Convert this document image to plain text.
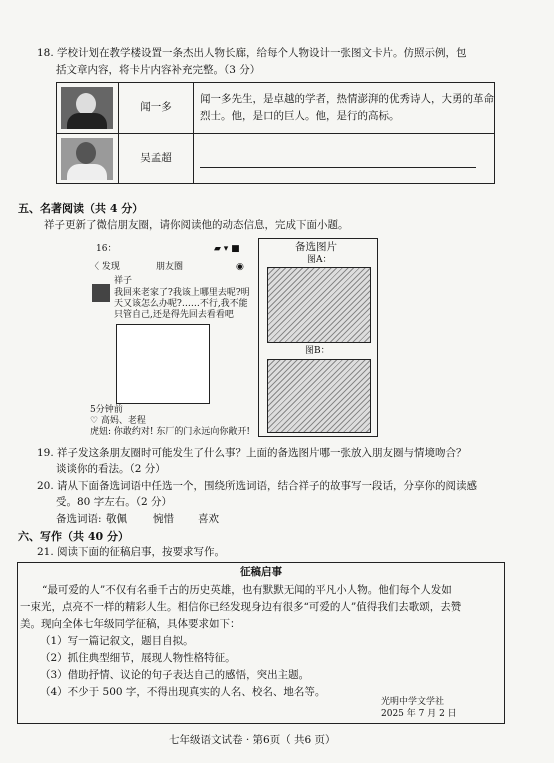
18. 学校计划在教学楼设置一条杰出人物长廊，给每个人物设计一张图文卡片。仿照示例，包
括文章内容，将卡片内容补充完整。（3 分）
	闻一多	闻一多先生，是卓越的学者，热情澎湃的优秀诗人，大勇的革命
烈士。他，是口的巨人。他，是行的高标。

	吴孟超	
五、名著阅读（共 4 分）
祥子更新了微信朋友圈，请你阅读他的动态信息，完成下面小题。
16：	▰ ▾ ■
〈 发现	朋友圈	◉
祥子
我回来老家了?我该上哪里去呢?明
天又该怎么办呢?……不行,我不能
只管自己,还是得先回去看看吧
5分钟前
♡ 高妈、老程
虎妞: 你敢约对! 东厂的门永远向你敞开!
备选图片
图A：
图B：
19. 祥子发这条朋友圈时可能发生了什么事？上面的备选图片哪一张放入朋友圈与情境吻合？
谈谈你的看法。（2 分）
20. 请从下面备选词语中任选一个，围绕所选词语，结合祥子的故事写一段话，分享你的阅读感
受。80 字左右。（2 分）
备选词语: 敬佩 惋惜 喜欢
六、写作（共 40 分）
21. 阅读下面的征稿启事，按要求写作。
征稿启事
“最可爱的人”不仅有名垂千古的历史英雄，也有默默无闻的平凡小人物。他们每个人发如
一束光，点亮不一样的精彩人生。相信你已经发现身边有很多“可爱的人”值得我们去歌颂，去赞
美。现向全体七年级同学征稿，具体要求如下：
（1）写一篇记叙文，题目自拟。
（2）抓住典型细节，展现人物性格特征。
（3）借助抒情、议论的句子表达自己的感悟，突出主题。
（4）不少于 500 字，不得出现真实的人名、校名、地名等。
光明中学文学社
2025 年 7 月 2 日
七年级语文试卷 · 第6页（ 共6 页）
